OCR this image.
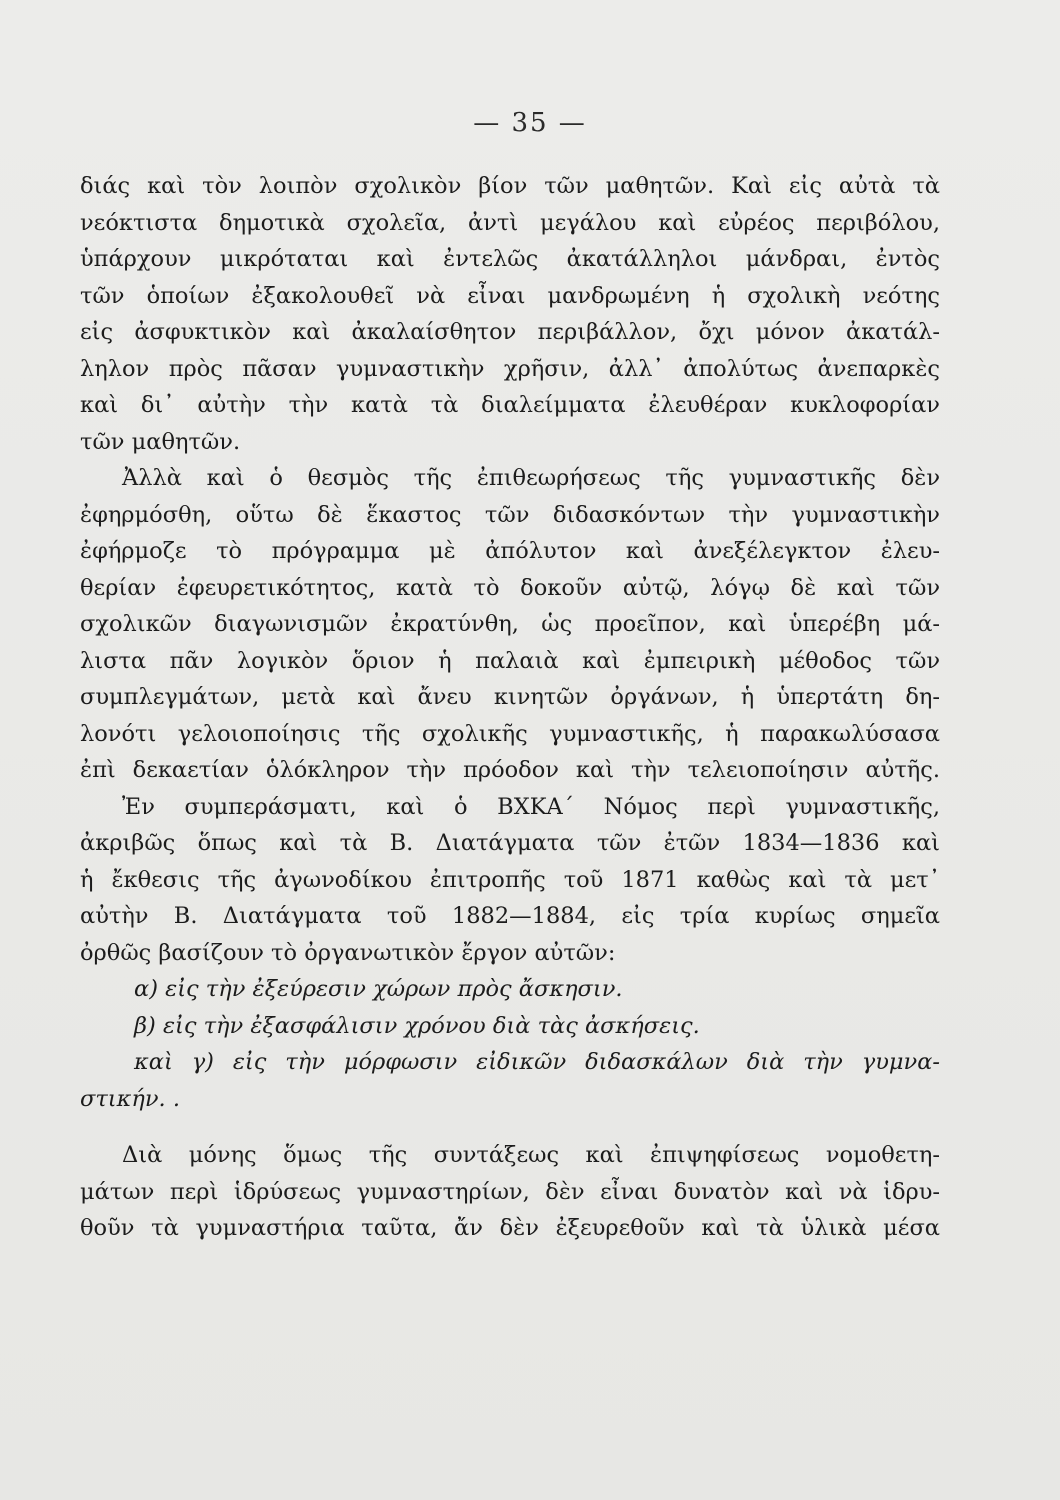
— 35 —
διάς καὶ τὸν λοιπὸν σχολικὸν βίον τῶν μαθητῶν. Καὶ εἰς αὐτὰ τὰ
νεόκτιστα δημοτικὰ σχολεῖα, ἀντὶ μεγάλου καὶ εὐρέος περιβόλου,
ὑπάρχουν μικρόταται καὶ ἐντελῶς ἀκατάλληλοι μάνδραι, ἐντὸς
τῶν ὁποίων ἐξακολουθεῖ νὰ εἶναι μανδρωμένη ἡ σχολικὴ νεότης
εἰς ἀσφυκτικὸν καὶ ἀκαλαίσθητον περιβάλλον, ὄχι μόνον ἀκατάλ-
ληλον πρὸς πᾶσαν γυμναστικὴν χρῆσιν, ἀλλ᾽ ἀπολύτως ἀνεπαρκὲς
καὶ δι᾽ αὐτὴν τὴν κατὰ τὰ διαλείμματα ἐλευθέραν κυκλοφορίαν
τῶν μαθητῶν.
Ἀλλὰ καὶ ὁ θεσμὸς τῆς ἐπιθεωρήσεως τῆς γυμναστικῆς δὲν
ἐφηρμόσθη, οὕτω δὲ ἕκαστος τῶν διδασκόντων τὴν γυμναστικὴν
ἐφήρμοζε τὸ πρόγραμμα μὲ ἀπόλυτον καὶ ἀνεξέλεγκτον ἐλευ-
θερίαν ἐφευρετικότητος, κατὰ τὸ δοκοῦν αὐτῷ, λόγῳ δὲ καὶ τῶν
σχολικῶν διαγωνισμῶν ἐκρατύνθη, ὡς προεῖπον, καὶ ὑπερέβη μά-
λιστα πᾶν λογικὸν ὅριον ἡ παλαιὰ καὶ ἐμπειρικὴ μέθοδος τῶν
συμπλεγμάτων, μετὰ καὶ ἄνευ κινητῶν ὀργάνων, ἡ ὑπερτάτη δη-
λονότι γελοιοποίησις τῆς σχολικῆς γυμναστικῆς, ἡ παρακωλύσασα
ἐπὶ δεκαετίαν ὁλόκληρον τὴν πρόοδον καὶ τὴν τελειοποίησιν αὐτῆς.
Ἐν συμπεράσματι, καὶ ὁ ΒΧΚΑ´ Νόμος περὶ γυμναστικῆς,
ἀκριβῶς ὅπως καὶ τὰ Β. Διατάγματα τῶν ἐτῶν 1834—1836 καὶ
ἡ ἔκθεσις τῆς ἀγωνοδίκου ἐπιτροπῆς τοῦ 1871 καθὼς καὶ τὰ μετ᾽
αὐτὴν Β. Διατάγματα τοῦ 1882—1884, εἰς τρία κυρίως σημεῖα
ὀρθῶς βασίζουν τὸ ὀργανωτικὸν ἔργον αὐτῶν:
α) εἰς τὴν ἐξεύρεσιν χώρων πρὸς ἄσκησιν.
β) εἰς τὴν ἐξασφάλισιν χρόνου διὰ τὰς ἀσκήσεις.
καὶ γ) εἰς τὴν μόρφωσιν εἰδικῶν διδασκάλων διὰ τὴν γυμνα-
στικήν. .
Διὰ μόνης ὅμως τῆς συντάξεως καὶ ἐπιψηφίσεως νομοθετη-
μάτων περὶ ἱδρύσεως γυμναστηρίων, δὲν εἶναι δυνατὸν καὶ νὰ ἱδρυ-
θοῦν τὰ γυμναστήρια ταῦτα, ἄν δὲν ἐξευρεθοῦν καὶ τὰ ὑλικὰ μέσα
